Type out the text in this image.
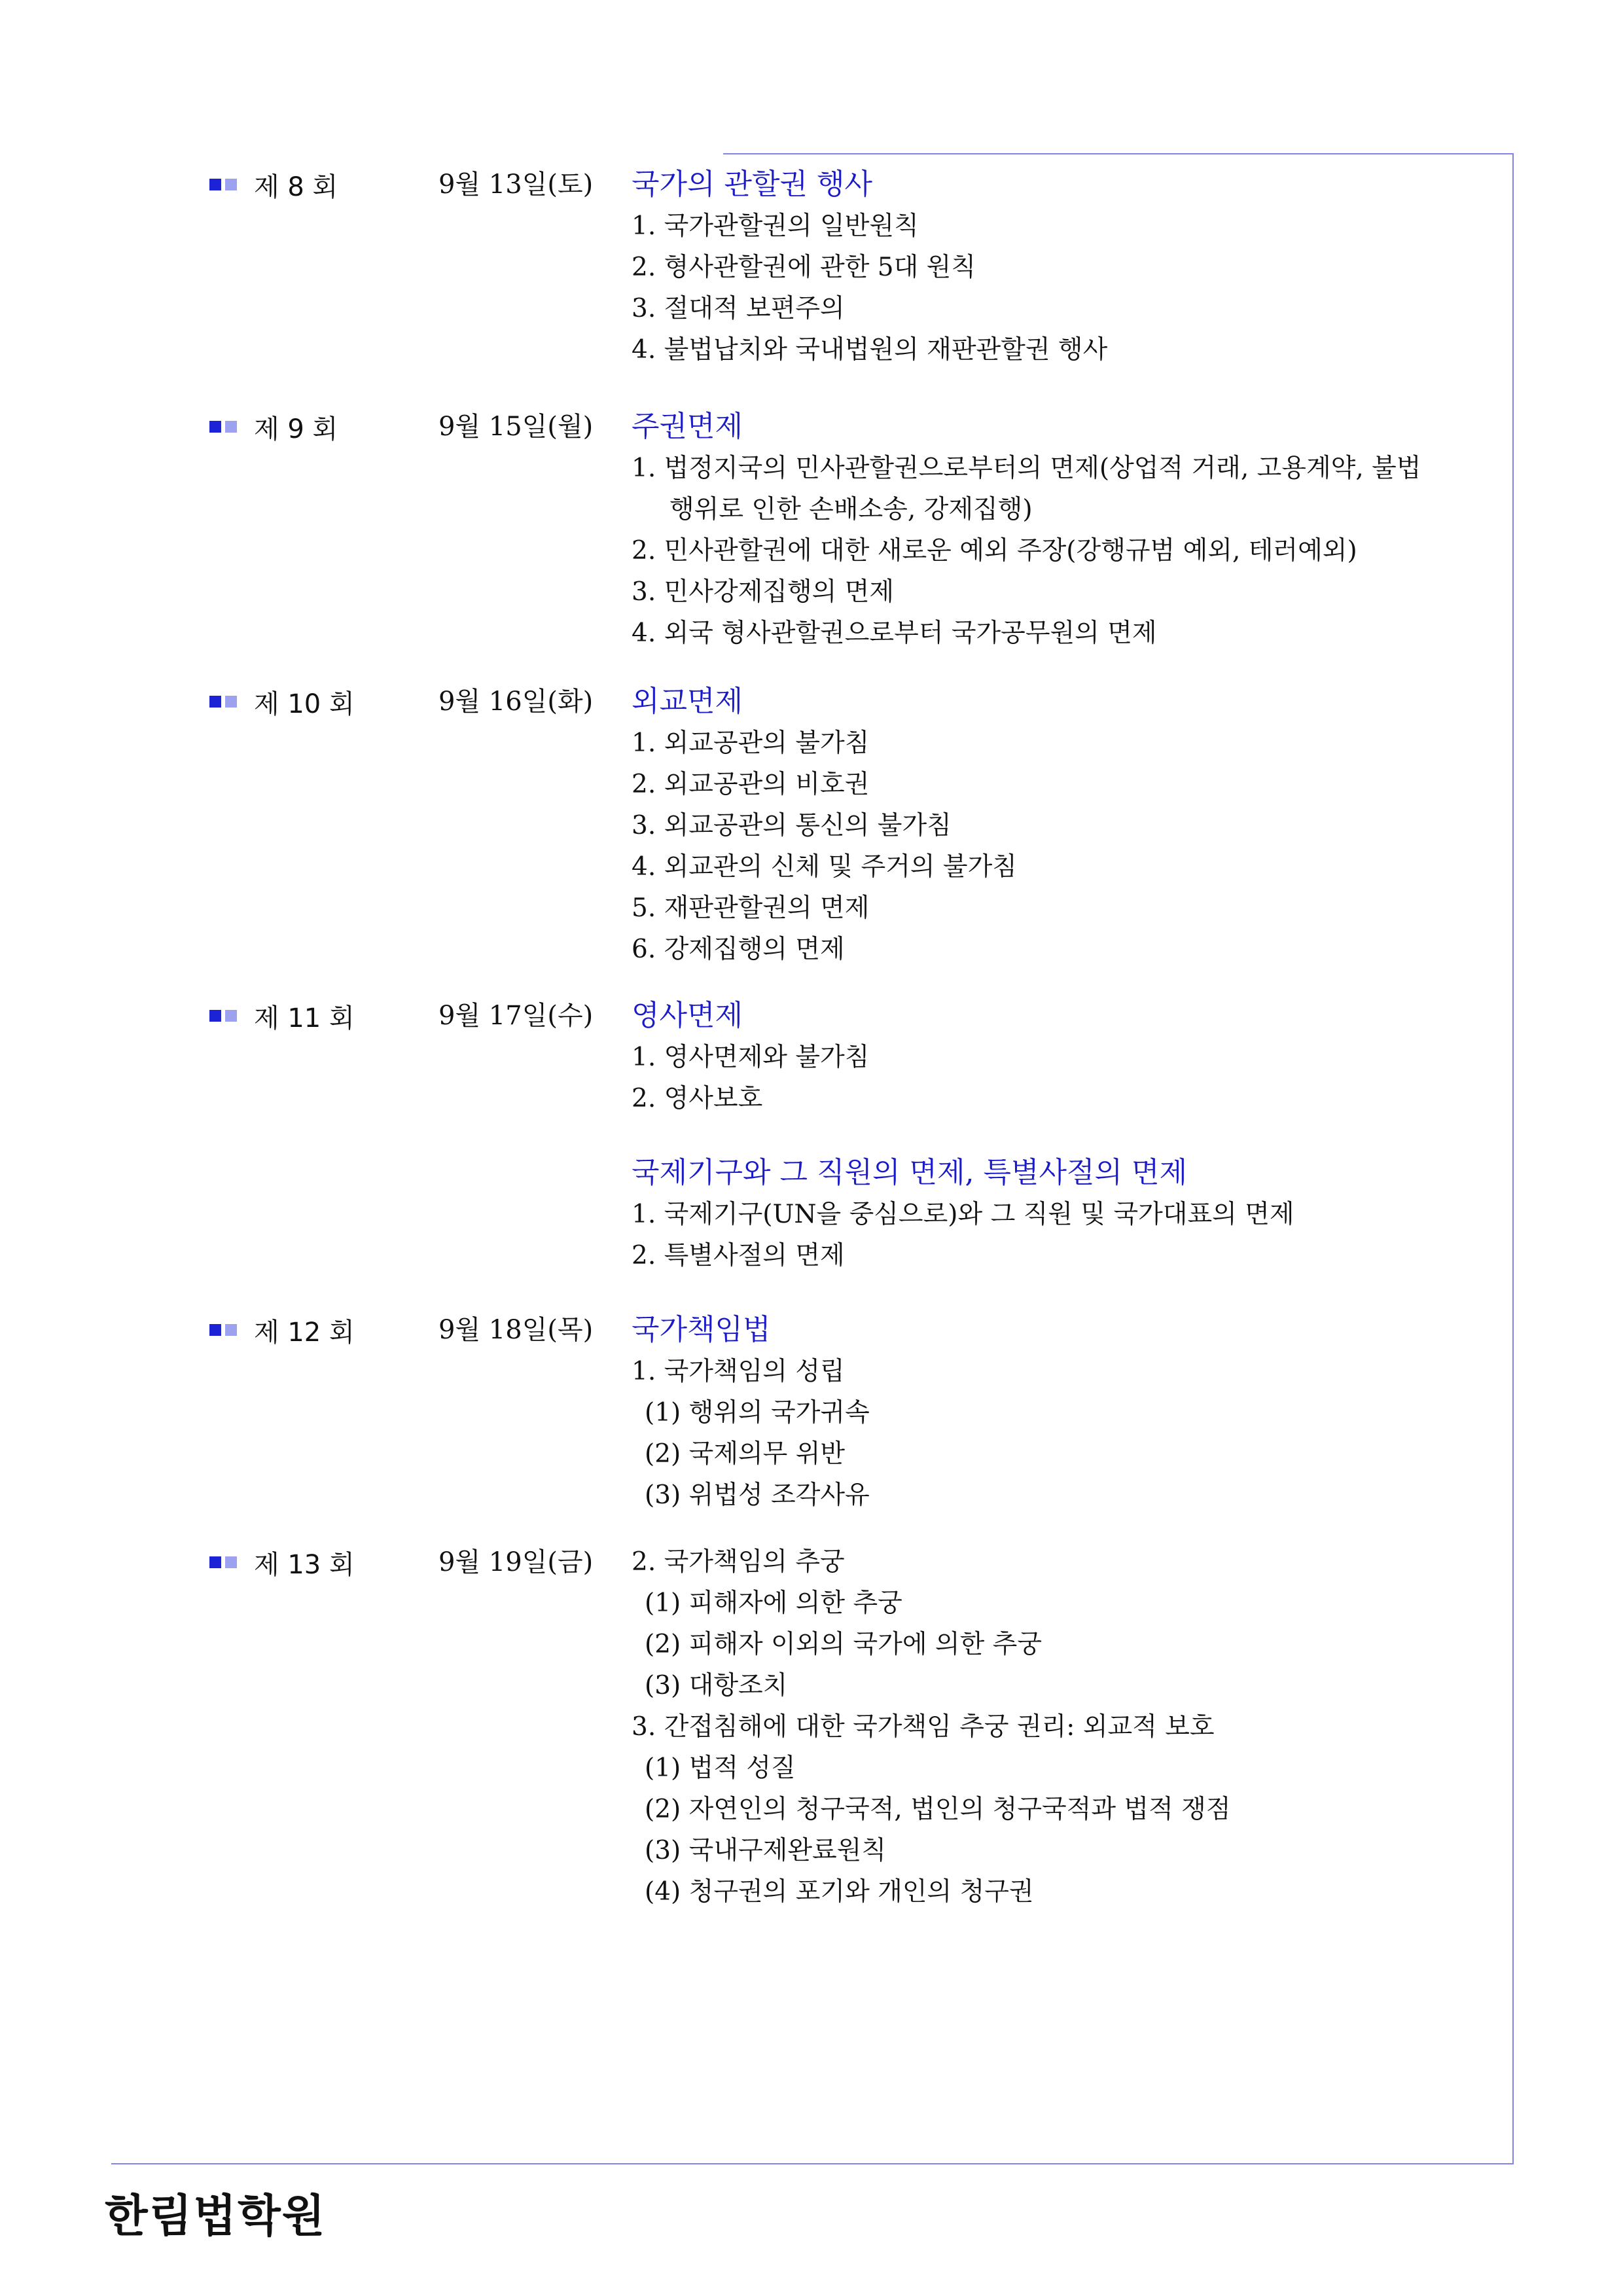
제 8 회	9월 13일(토) 국가의 관할권 행사
1. 국가관할권의 일반원칙
2. 형사관할권에 관한 5대 원칙
3. 절대적 보편주의
4. 불법납치와 국내법원의 재판관할권 행사
제 9 회	9월 15일(월) 주권면제
1. 법정지국의 민사관할권으로부터의 면제(상업적 거래, 고용계약, 불법
행위로 인한 손배소송, 강제집행)
2. 민사관할권에 대한 새로운 예외 주장(강행규범 예외, 테러예외)
3. 민사강제집행의 면제
4. 외국 형사관할권으로부터 국가공무원의 면제
제 10 회	9월 16일(화) 외교면제
1. 외교공관의 불가침
2. 외교공관의 비호권
3. 외교공관의 통신의 불가침
4. 외교관의 신체 및 주거의 불가침
5. 재판관할권의 면제
6. 강제집행의 면제
제 11 회	9월 17일(수) 영사면제
1. 영사면제와 불가침
2. 영사보호
국제기구와 그 직원의 면제, 특별사절의 면제
1. 국제기구(UN을 중심으로)와 그 직원 및 국가대표의 면제
2. 특별사절의 면제
제 12 회	9월 18일(목) 국가책임법
1. 국가책임의 성립
(1) 행위의 국가귀속
(2) 국제의무 위반
(3) 위법성 조각사유
제 13 회	9월 19일(금) 2. 국가책임의 추궁
(1) 피해자에 의한 추궁
(2) 피해자 이외의 국가에 의한 추궁
(3) 대항조치
3. 간접침해에 대한 국가책임 추궁 권리: 외교적 보호
(1) 법적 성질
(2) 자연인의 청구국적, 법인의 청구국적과 법적 쟁점
(3) 국내구제완료원칙
(4) 청구권의 포기와 개인의 청구권
한림법학원
